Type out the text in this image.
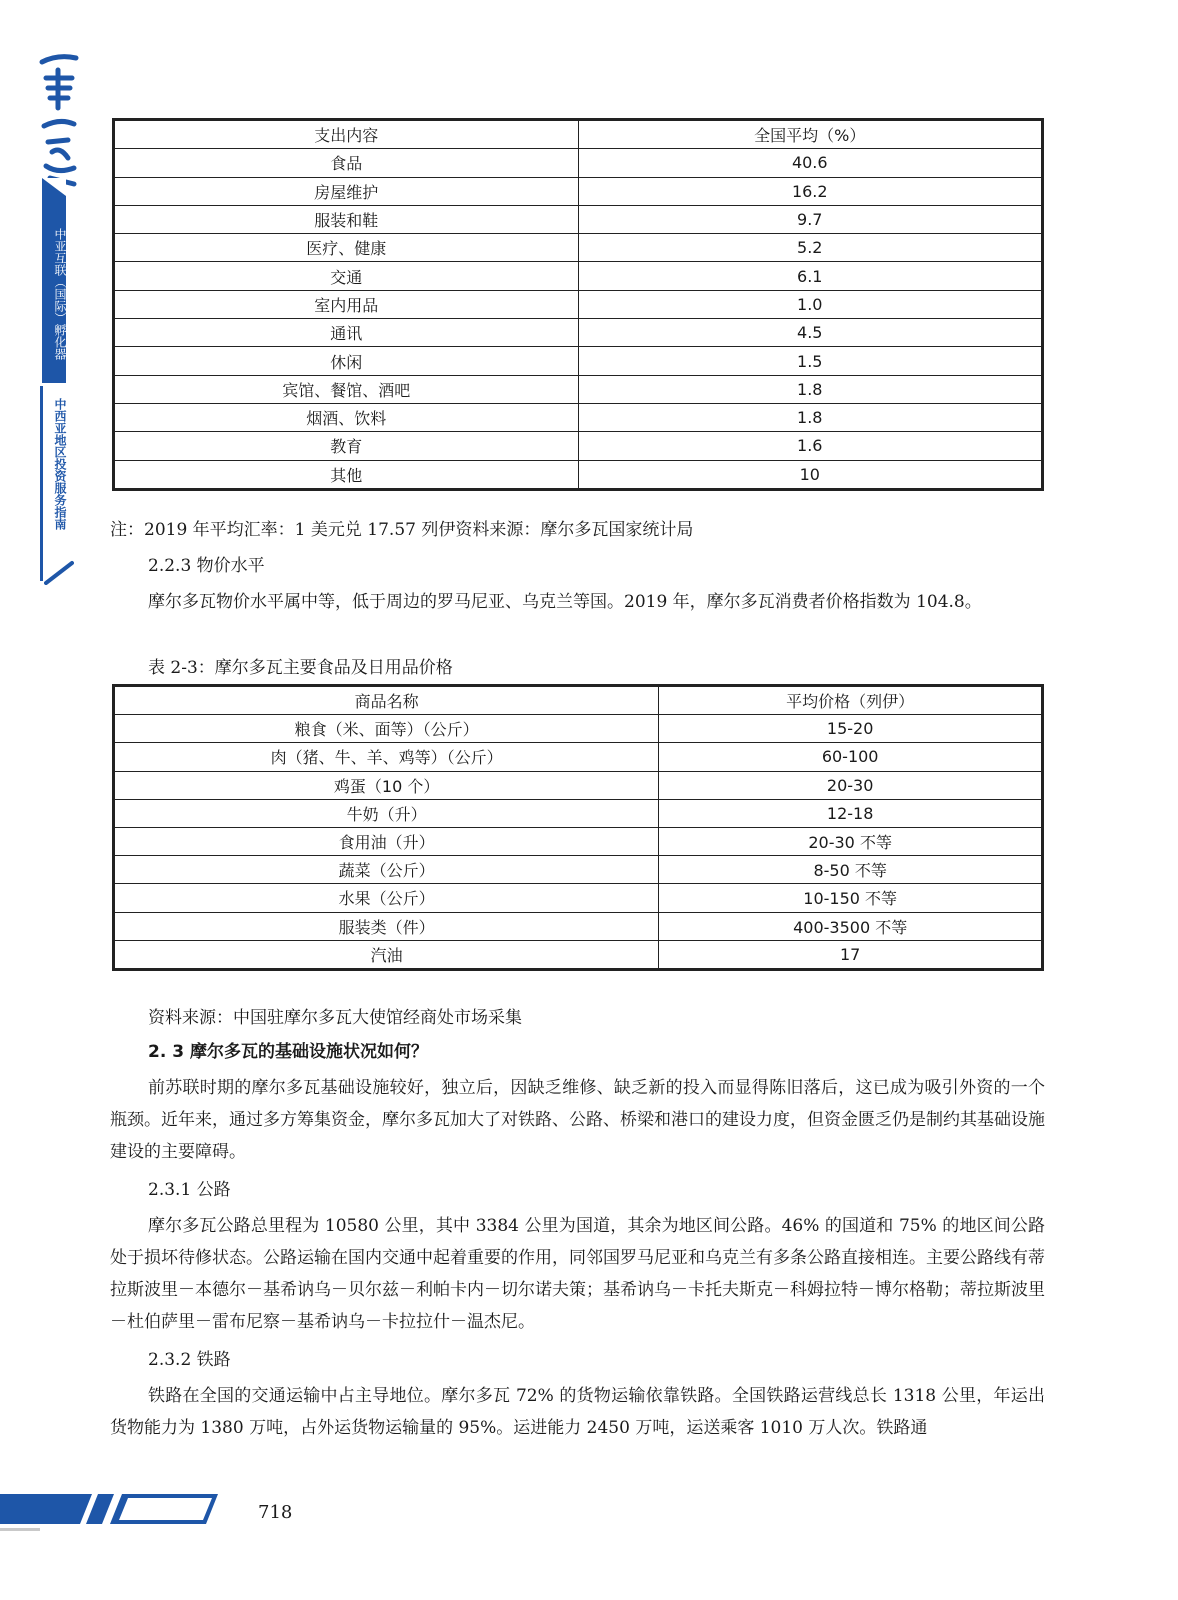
中亚互联（国际）孵化器
中西亚地区投资服务指南
支出内容	全国平均（%）
食品	40.6
房屋维护	16.2
服装和鞋	9.7
医疗、健康	5.2
交通	6.1
室内用品	1.0
通讯	4.5
休闲	1.5
宾馆、餐馆、酒吧	1.8
烟酒、饮料	1.8
教育	1.6
其他	10
注：2019 年平均汇率：1 美元兑 17.57 列伊资料来源：摩尔多瓦国家统计局
2.2.3 物价水平
摩尔多瓦物价水平属中等，低于周边的罗马尼亚、乌克兰等国。2019 年，摩尔多瓦消费者价格指数为 104.8。
表 2-3：摩尔多瓦主要食品及日用品价格
商品名称	平均价格（列伊）
粮食（米、面等）（公斤）	15-20
肉（猪、牛、羊、鸡等）（公斤）	60-100
鸡蛋（10 个）	20-30
牛奶（升）	12-18
食用油（升）	20-30 不等
蔬菜（公斤）	8-50 不等
水果（公斤）	10-150 不等
服装类（件）	400-3500 不等
汽油	17
资料来源：中国驻摩尔多瓦大使馆经商处市场采集
2. 3 摩尔多瓦的基础设施状况如何？
前苏联时期的摩尔多瓦基础设施较好，独立后，因缺乏维修、缺乏新的投入而显得陈旧落后，这已成为吸引外资的一个瓶颈。近年来，通过多方筹集资金，摩尔多瓦加大了对铁路、公路、桥梁和港口的建设力度，但资金匮乏仍是制约其基础设施建设的主要障碍。
2.3.1 公路
摩尔多瓦公路总里程为 10580 公里，其中 3384 公里为国道，其余为地区间公路。46% 的国道和 75% 的地区间公路处于损坏待修状态。公路运输在国内交通中起着重要的作用，同邻国罗马尼亚和乌克兰有多条公路直接相连。主要公路线有蒂拉斯波里－本德尔－基希讷乌－贝尔兹－利帕卡内－切尔诺夫策；基希讷乌－卡托夫斯克－科姆拉特－博尔格勒；蒂拉斯波里－杜伯萨里－雷布尼察－基希讷乌－卡拉拉什－温杰尼。
2.3.2 铁路
铁路在全国的交通运输中占主导地位。摩尔多瓦 72% 的货物运输依靠铁路。全国铁路运营线总长 1318 公里，年运出货物能力为 1380 万吨，占外运货物运输量的 95%。运进能力 2450 万吨，运送乘客 1010 万人次。铁路通
718
